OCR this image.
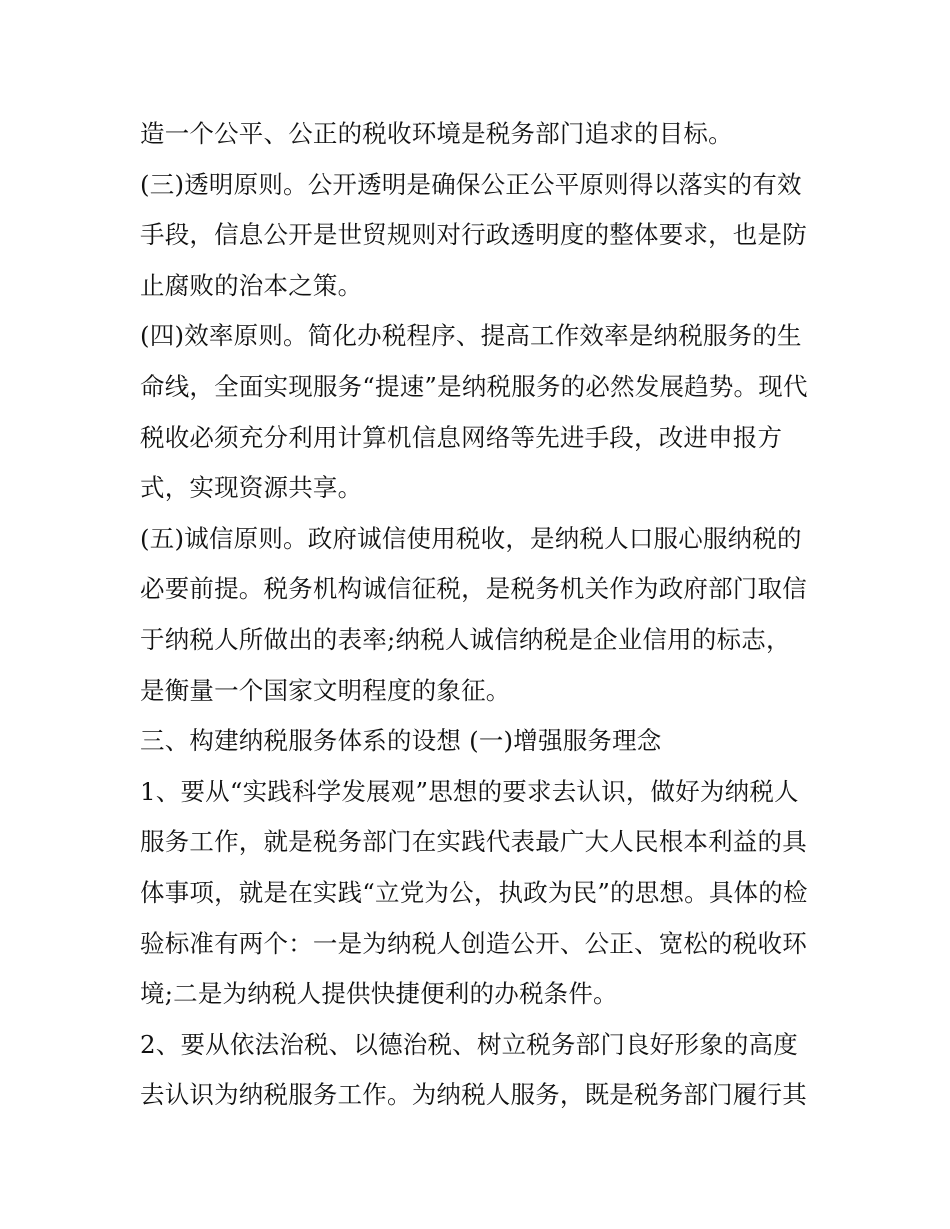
造一个公平、公正的税收环境是税务部门追求的目标。
(三)透明原则。公开透明是确保公正公平原则得以落实的有效
手段，信息公开是世贸规则对行政透明度的整体要求，也是防
止腐败的治本之策。
(四)效率原则。简化办税程序、提高工作效率是纳税服务的生
命线，全面实现服务“提速”是纳税服务的必然发展趋势。现代
税收必须充分利用计算机信息网络等先进手段，改进申报方
式，实现资源共享。
(五)诚信原则。政府诚信使用税收，是纳税人口服心服纳税的
必要前提。税务机构诚信征税，是税务机关作为政府部门取信
于纳税人所做出的表率;纳税人诚信纳税是企业信用的标志，
是衡量一个国家文明程度的象征。
三、构建纳税服务体系的设想 (一)增强服务理念
1、要从“实践科学发展观”思想的要求去认识，做好为纳税人
服务工作，就是税务部门在实践代表最广大人民根本利益的具
体事项，就是在实践“立党为公，执政为民”的思想。具体的检
验标准有两个：一是为纳税人创造公开、公正、宽松的税收环
境;二是为纳税人提供快捷便利的办税条件。
2、要从依法治税、以德治税、树立税务部门良好形象的高度
去认识为纳税服务工作。为纳税人服务，既是税务部门履行其
